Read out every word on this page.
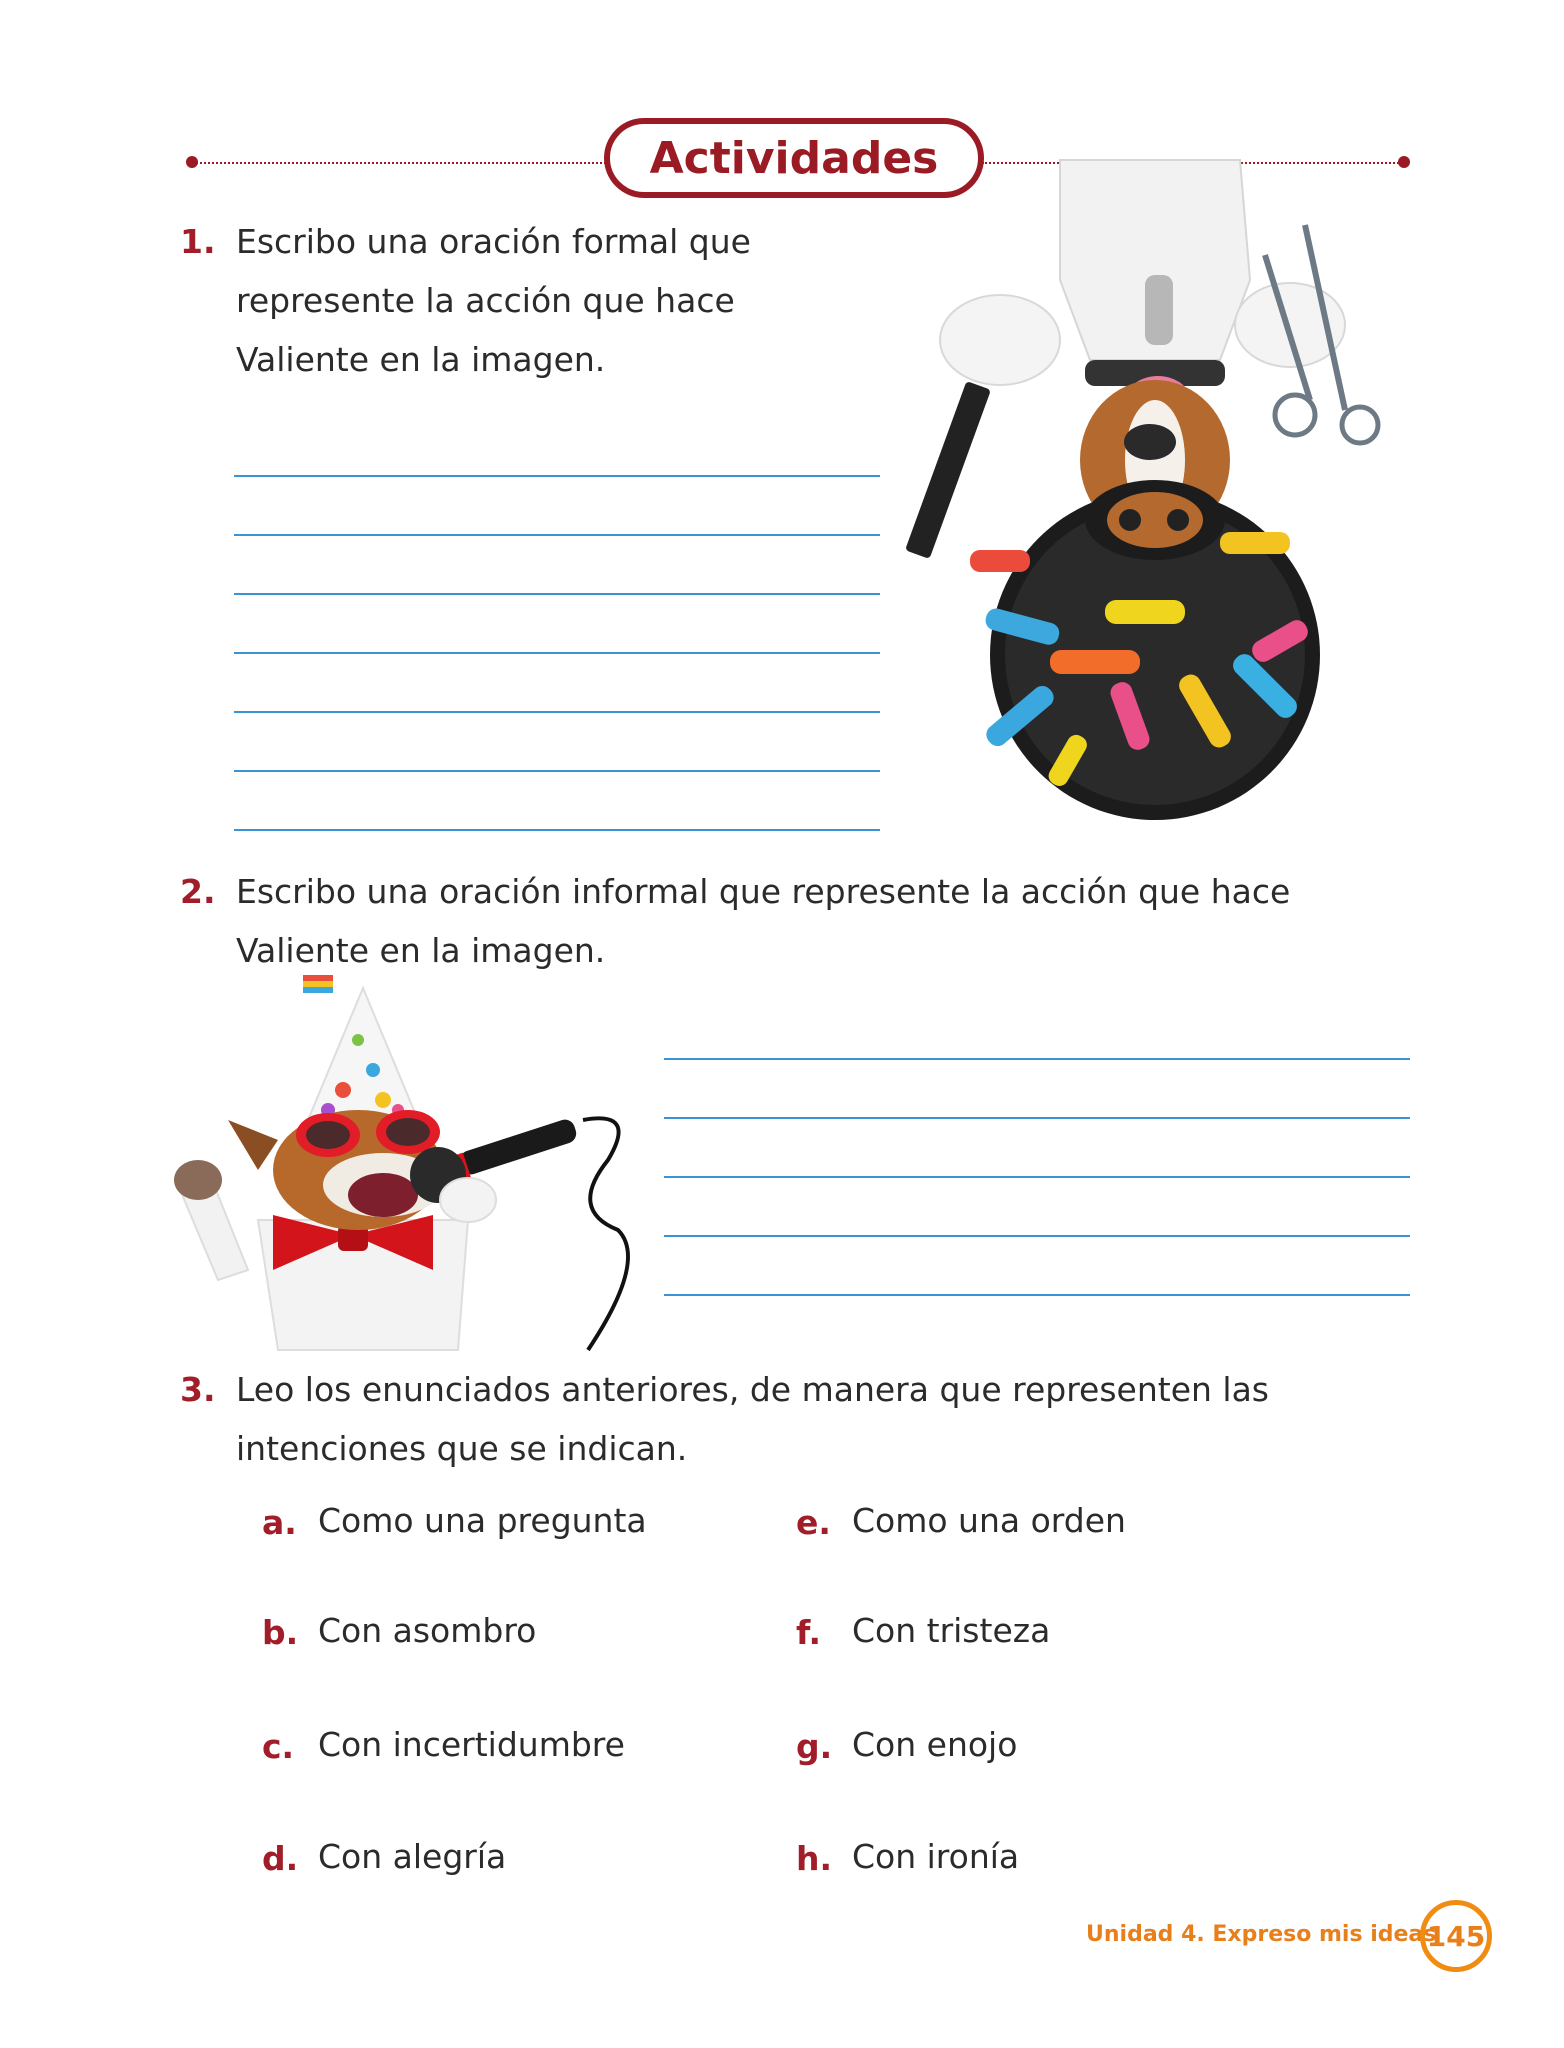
Actividades
1. Escribo una oración formal que
represente la acción que hace
Valiente en la imagen.
2. Escribo una oración informal que represente la acción que hace
Valiente en la imagen.
3. Leo los enunciados anteriores, de manera que representen las
intenciones que se indican.
a. Como una pregunta
b. Con asombro
c. Con incertidumbre
d. Con alegría
e. Como una orden
f. Con tristeza
g. Con enojo
h. Con ironía
Unidad 4. Expreso mis ideas
145
